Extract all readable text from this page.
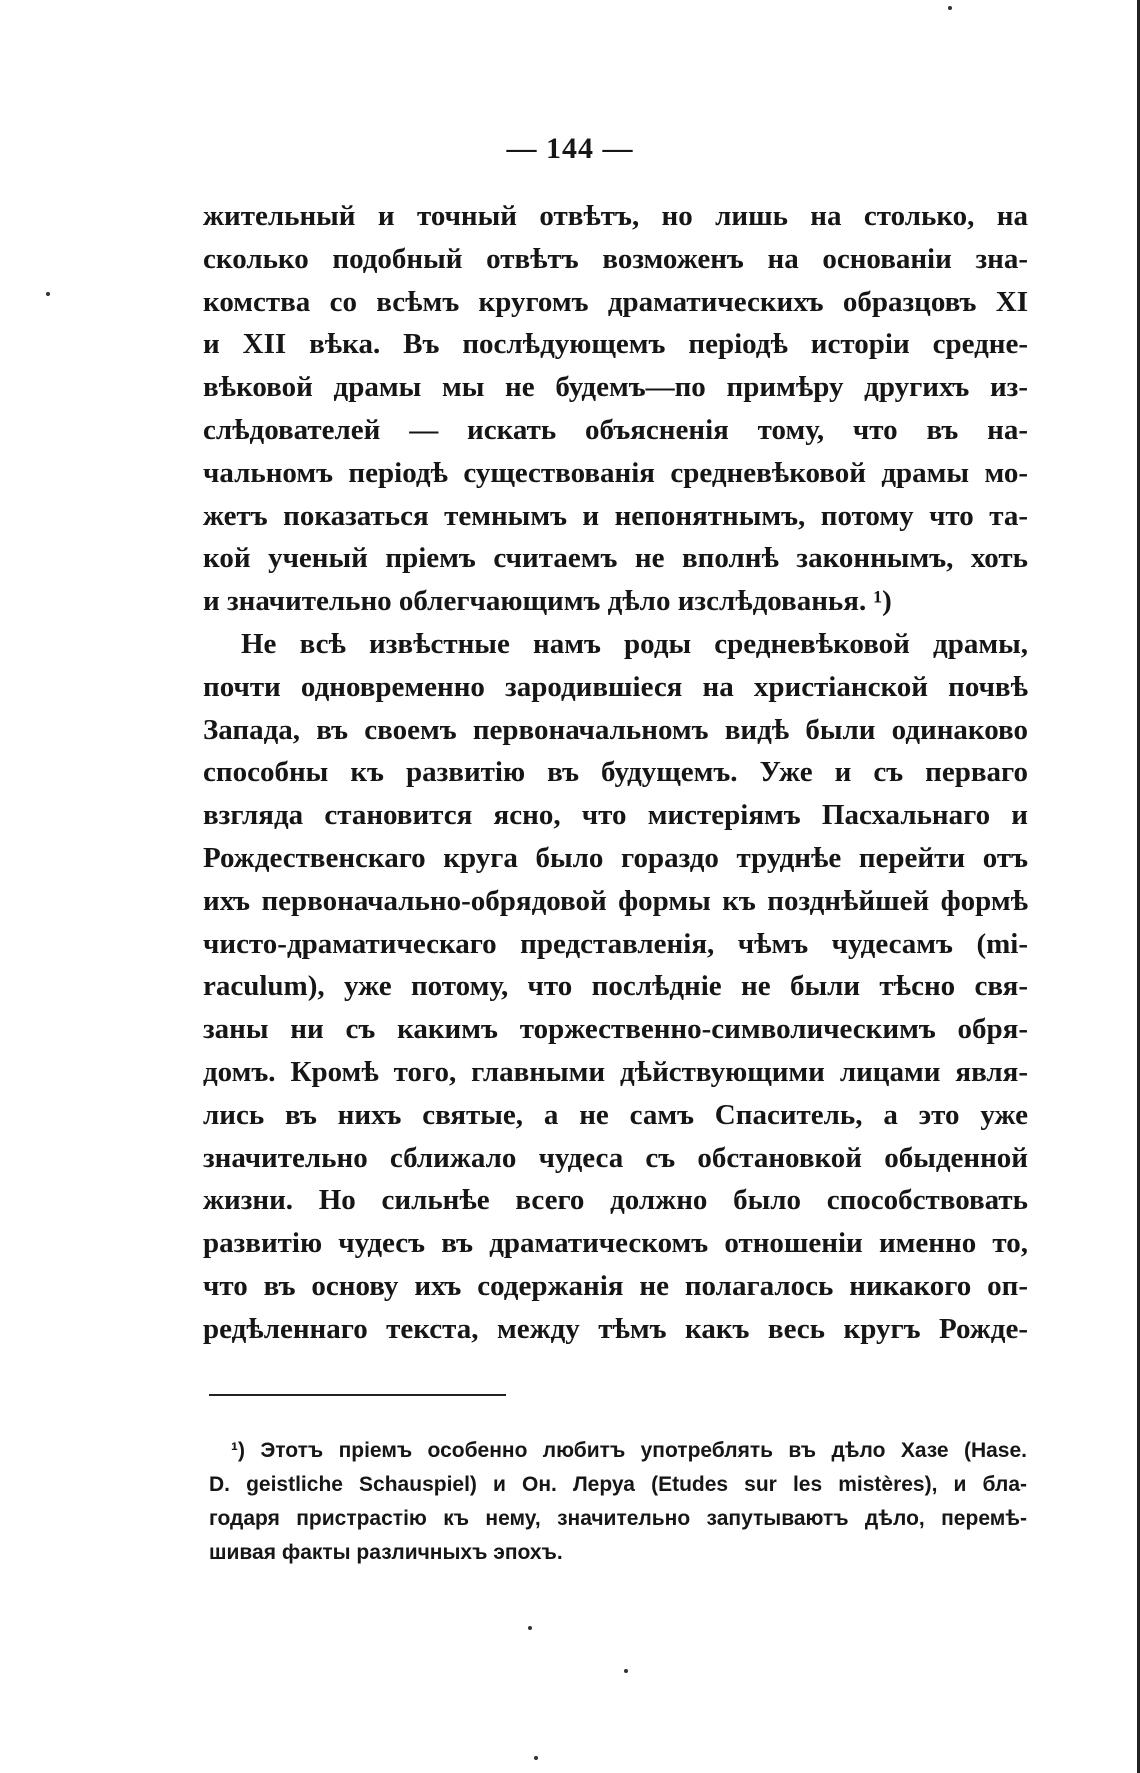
— 144 —
жительный и точный отвѣтъ, но лишь на столько, на
сколько подобный отвѣтъ возможенъ на основаніи зна-
комства со всѣмъ кругомъ драматическихъ образцовъ XI
и XII вѣка. Въ послѣдующемъ періодѣ исторіи средне-
вѣковой драмы мы не будемъ—по примѣру другихъ из-
слѣдователей — искать объясненія тому, что въ на-
чальномъ періодѣ существованія средневѣковой драмы мо-
жетъ показаться темнымъ и непонятнымъ, потому что та-
кой ученый пріемъ считаемъ не вполнѣ законнымъ, хоть
и значительно облегчающимъ дѣло изслѣдованья. ¹)
Не всѣ извѣстные намъ роды средневѣковой драмы,
почти одновременно зародившіеся на христіанской почвѣ
Запада, въ своемъ первоначальномъ видѣ были одинаково
способны къ развитію въ будущемъ. Уже и съ перваго
взгляда становится ясно, что мистеріямъ Пасхальнаго и
Рождественскаго круга было гораздо труднѣе перейти отъ
ихъ первоначально-обрядовой формы къ позднѣйшей формѣ
чисто-драматическаго представленія, чѣмъ чудесамъ (mi-
raculum), уже потому, что послѣдніе не были тѣсно свя-
заны ни съ какимъ торжественно-символическимъ обря-
домъ. Кромѣ того, главными дѣйствующими лицами явля-
лись въ нихъ святые, а не самъ Спаситель, а это уже
значительно сближало чудеса съ обстановкой обыденной
жизни. Но сильнѣе всего должно было способствовать
развитію чудесъ въ драматическомъ отношеніи именно то,
что въ основу ихъ содержанія не полагалось никакого оп-
редѣленнаго текста, между тѣмъ какъ весь кругъ Рожде-
¹) Этотъ пріемъ особенно любитъ употреблять въ дѣло Хазе (Hase.
D. geistliche Schauspiel) и Он. Леруа (Etudes sur les mistères), и бла-
годаря пристрастію къ нему, значительно запутываютъ дѣло, перемѣ-
шивая факты различныхъ эпохъ.
